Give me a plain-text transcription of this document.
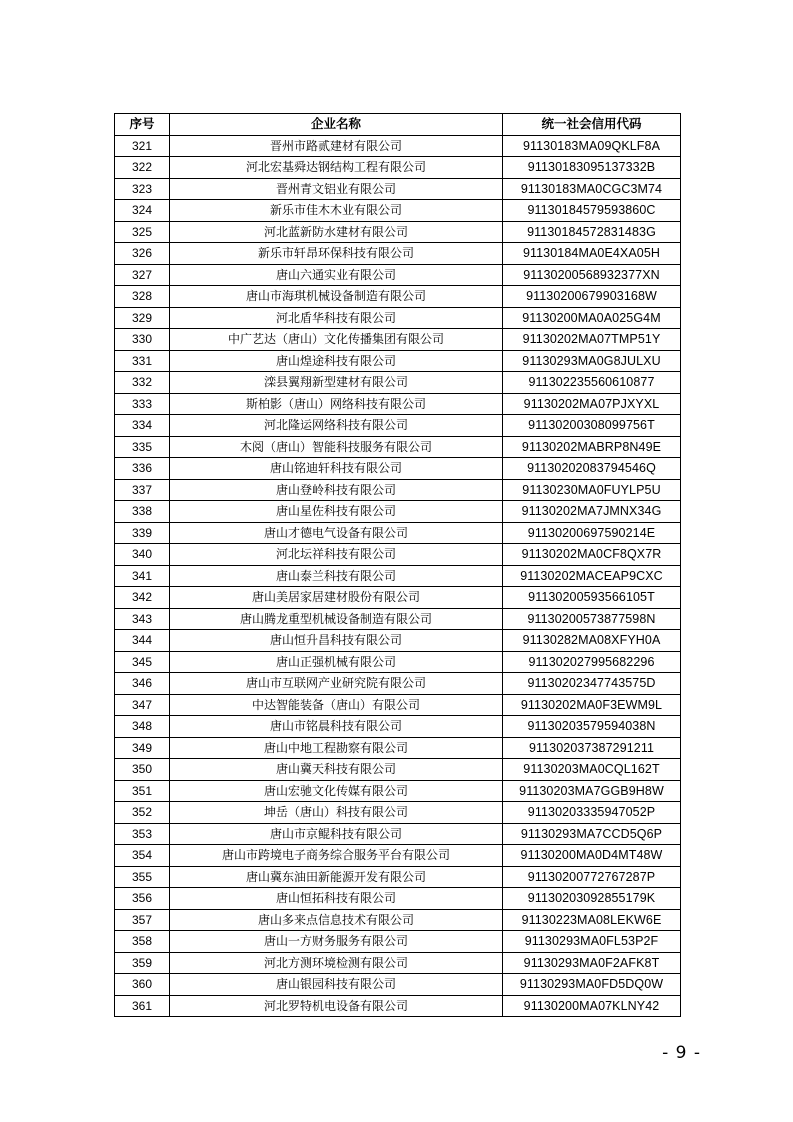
序号	企业名称	统一社会信用代码
321	晋州市路贰建材有限公司	91130183MA09QKLF8A
322	河北宏基舜达钢结构工程有限公司	91130183095137332B
323	晋州青文铝业有限公司	91130183MA0CGC3M74
324	新乐市佳木木业有限公司	91130184579593860C
325	河北蓝新防水建材有限公司	91130184572831483G
326	新乐市轩昂环保科技有限公司	91130184MA0E4XA05H
327	唐山六通实业有限公司	91130200568932377XN
328	唐山市海琪机械设备制造有限公司	91130200679903168W
329	河北盾华科技有限公司	91130200MA0A025G4M
330	中广艺达（唐山）文化传播集团有限公司	91130202MA07TMP51Y
331	唐山煌途科技有限公司	91130293MA0G8JULXU
332	滦县翼翔新型建材有限公司	911302235560610877
333	斯柏影（唐山）网络科技有限公司	91130202MA07PJXYXL
334	河北隆运网络科技有限公司	91130200308099756T
335	木阅（唐山）智能科技服务有限公司	91130202MABRP8N49E
336	唐山铭迪轩科技有限公司	91130202083794546Q
337	唐山登岭科技有限公司	91130230MA0FUYLP5U
338	唐山星佐科技有限公司	91130202MA7JMNX34G
339	唐山才德电气设备有限公司	91130200697590214E
340	河北坛祥科技有限公司	91130202MA0CF8QX7R
341	唐山泰兰科技有限公司	91130202MACEAP9CXC
342	唐山美居家居建材股份有限公司	91130200593566105T
343	唐山腾龙重型机械设备制造有限公司	91130200573877598N
344	唐山恒升昌科技有限公司	91130282MA08XFYH0A
345	唐山正强机械有限公司	911302027995682296
346	唐山市互联网产业研究院有限公司	91130202347743575D
347	中达智能装备（唐山）有限公司	91130202MA0F3EWM9L
348	唐山市铭晨科技有限公司	91130203579594038N
349	唐山中地工程勘察有限公司	911302037387291211
350	唐山冀天科技有限公司	91130203MA0CQL162T
351	唐山宏驰文化传媒有限公司	91130203MA7GGB9H8W
352	坤岳（唐山）科技有限公司	91130203335947052P
353	唐山市京鲲科技有限公司	91130293MA7CCD5Q6P
354	唐山市跨境电子商务综合服务平台有限公司	91130200MA0D4MT48W
355	唐山冀东油田新能源开发有限公司	91130200772767287P
356	唐山恒拓科技有限公司	91130203092855179K
357	唐山多来点信息技术有限公司	91130223MA08LEKW6E
358	唐山一方财务服务有限公司	91130293MA0FL53P2F
359	河北方测环境检测有限公司	91130293MA0F2AFK8T
360	唐山银园科技有限公司	91130293MA0FD5DQ0W
361	河北罗特机电设备有限公司	91130200MA07KLNY42
- 9 -
